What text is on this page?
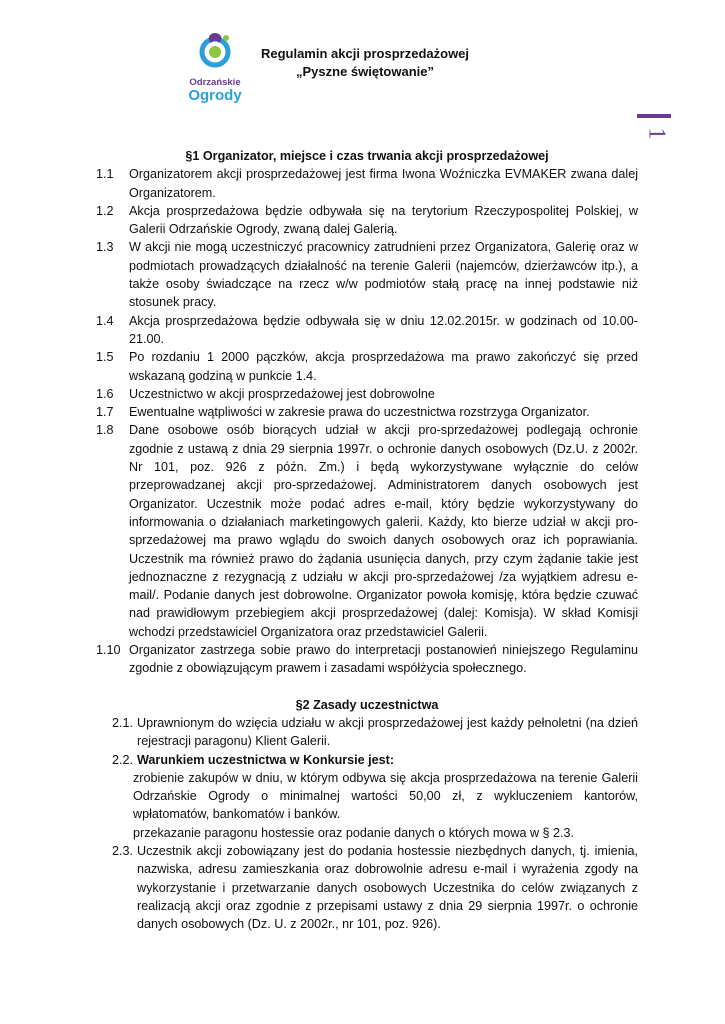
Odrzańskie
Ogrody
Regulamin akcji prosprzedażowej
„Pyszne świętowanie”
1

§1 Organizator, miejsce i czas trwania akcji prosprzedażowej

1.1	Organizatorem akcji prosprzedażowej jest firma Iwona Woźniczka EVMAKER zwana dalej Organizatorem.
1.2	Akcja prosprzedażowa będzie odbywała się na terytorium Rzeczypospolitej Polskiej, w Galerii Odrzańskie Ogrody, zwaną dalej Galerią.
1.3	W akcji nie mogą uczestniczyć pracownicy zatrudnieni przez Organizatora, Galerię oraz w podmiotach prowadzących działalność na terenie Galerii (najemców, dzierżawców itp.), a także osoby świadczące na rzecz w/w podmiotów stałą pracę na innej podstawie niż stosunek pracy.
1.4	Akcja prosprzedażowa będzie odbywała się w dniu 12.02.2015r. w godzinach od 10.00-21.00.
1.5	Po rozdaniu 1 2000 pączków, akcja prosprzedażowa ma prawo zakończyć się przed wskazaną godziną w punkcie 1.4.
1.6	Uczestnictwo w akcji prosprzedażowej jest dobrowolne
1.7	Ewentualne wątpliwości w zakresie prawa do uczestnictwa rozstrzyga Organizator.
1.8	Dane osobowe osób biorących udział w akcji pro-sprzedażowej podlegają ochronie zgodnie z ustawą z dnia 29 sierpnia 1997r. o ochronie danych osobowych (Dz.U. z 2002r. Nr 101, poz. 926 z późn. Zm.) i będą wykorzystywane wyłącznie do celów przeprowadzanej akcji pro-sprzedażowej. Administratorem danych osobowych jest Organizator. Uczestnik może podać adres e-mail, który będzie wykorzystywany do informowania o działaniach marketingowych galerii. Każdy, kto bierze udział w akcji pro-sprzedażowej ma prawo wglądu do swoich danych osobowych oraz ich poprawiania. Uczestnik ma również prawo do żądania usunięcia danych, przy czym żądanie takie jest jednoznaczne z rezygnacją z udziału w akcji pro-sprzedażowej /za wyjątkiem adresu e-mail/. Podanie danych jest dobrowolne. Organizator powoła komisję, która będzie czuwać nad prawidłowym przebiegiem akcji prosprzedażowej (dalej: Komisja). W skład Komisji wchodzi przedstawiciel Organizatora oraz przedstawiciel Galerii.
1.10 Organizator zastrzega sobie prawo do interpretacji postanowień niniejszego Regulaminu zgodnie z obowiązującym prawem i zasadami współżycia społecznego.

§2 Zasady uczestnictwa

2.1. Uprawnionym do wzięcia udziału w akcji prosprzedażowej jest każdy pełnoletni (na dzień rejestracji paragonu) Klient Galerii.
2.2. Warunkiem uczestnictwa w Konkursie jest:
zrobienie zakupów w dniu, w którym odbywa się akcja prosprzedażowa na terenie Galerii Odrzańskie Ogrody o minimalnej wartości 50,00 zł, z wykluczeniem kantorów, wpłatomatów, bankomatów i banków.
przekazanie paragonu hostessie oraz podanie danych o których mowa w § 2.3.
2.3. Uczestnik akcji zobowiązany jest do podania hostessie niezbędnych danych, tj. imienia, nazwiska, adresu zamieszkania oraz dobrowolnie adresu e-mail i wyrażenia zgody na wykorzystanie i przetwarzanie danych osobowych Uczestnika do celów związanych z realizacją akcji oraz zgodnie z przepisami ustawy z dnia 29 sierpnia 1997r. o ochronie danych osobowych (Dz. U. z 2002r., nr 101, poz. 926).
